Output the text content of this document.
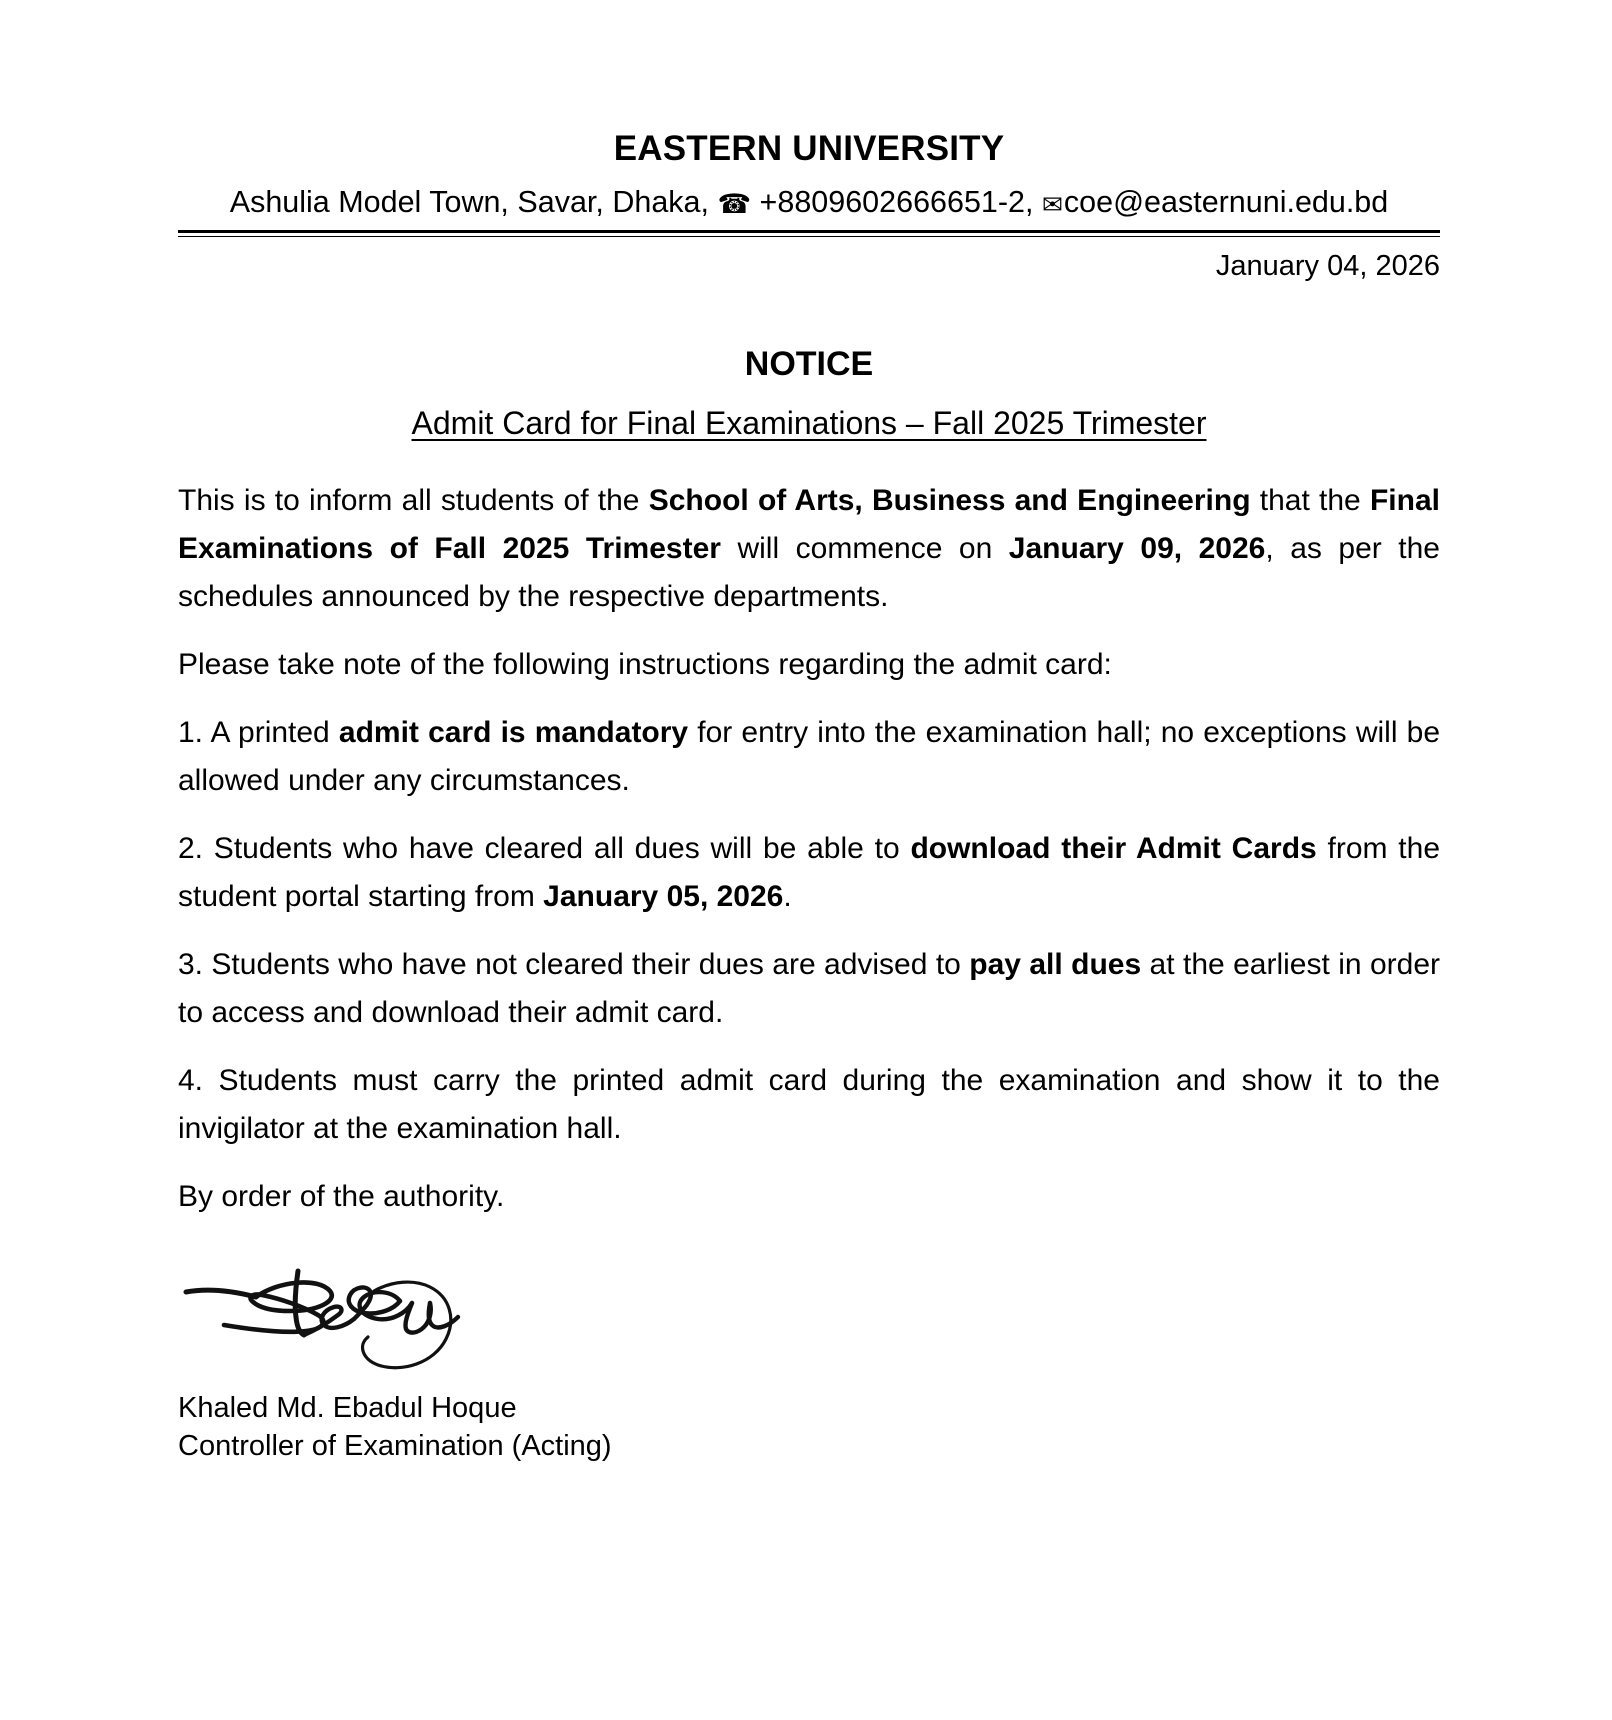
EASTERN UNIVERSITY
Ashulia Model Town, Savar, Dhaka, ☎ +8809602666651-2, ✉coe@easternuni.edu.bd
January 04, 2026
NOTICE
Admit Card for Final Examinations – Fall 2025 Trimester

This is to inform all students of the School of Arts, Business and Engineering that the Final Examinations of Fall 2025 Trimester will commence on January 09, 2026, as per the schedules announced by the respective departments.

Please take note of the following instructions regarding the admit card:

1. A printed admit card is mandatory for entry into the examination hall; no exceptions will be allowed under any circumstances.

2. Students who have cleared all dues will be able to download their Admit Cards from the student portal starting from January 05, 2026.

3. Students who have not cleared their dues are advised to pay all dues at the earliest in order to access and download their admit card.

4. Students must carry the printed admit card during the examination and show it to the invigilator at the examination hall.

By order of the authority.

Khaled Md. Ebadul Hoque
Controller of Examination (Acting)
